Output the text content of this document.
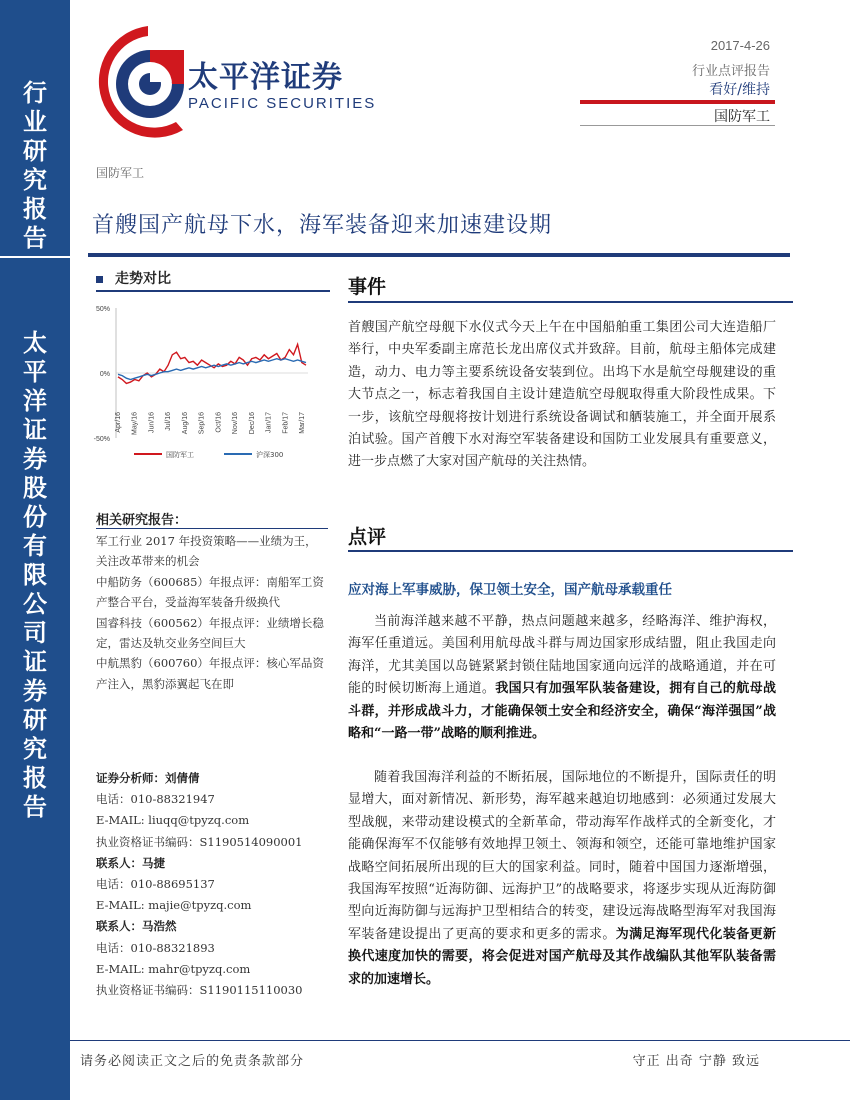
行
业
研
究
报
告
太
平
洋
证
券
股
份
有
限
公
司
证
券
研
究
报
告
太平洋证券
PACIFIC SECURITIES
2017-4-26
行业点评报告
看好/维持
国防军工
国防军工
首艘国产航母下水，海军装备迎来加速建设期
走势对比
50%
0%
-50%
Apr/16 May/16 Jun/16 Jul/16 Aug/16 Sep/16 Oct/16 Nov/16 Dec/16 Jan/17 Feb/17 Mar/17
国防军工	沪深300
相关研究报告：
军工行业 2017 年投资策略——业绩为王，关注改革带来的机会
中船防务（600685）年报点评：南船军工资产整合平台，受益海军装备升级换代
国睿科技（600562）年报点评：业绩增长稳定，雷达及轨交业务空间巨大
中航黑豹（600760）年报点评：核心军品资产注入，黑豹添翼起飞在即
证券分析师：刘倩倩
电话：010-88321947
E-MAIL: liuqq@tpyzq.com
执业资格证书编码：S1190514090001
联系人：马捷
电话：010-88695137
E-MAIL: majie@tpyzq.com
联系人：马浩然
电话：010-88321893
E-MAIL: mahr@tpyzq.com
执业资格证书编码：S1190115110030
事件
首艘国产航空母舰下水仪式今天上午在中国船舶重工集团公司大连造船厂举行，中央军委副主席范长龙出席仪式并致辞。目前，航母主船体完成建造，动力、电力等主要系统设备安装到位。出坞下水是航空母舰建设的重大节点之一，标志着我国自主设计建造航空母舰取得重大阶段性成果。下一步，该航空母舰将按计划进行系统设备调试和舾装施工，并全面开展系泊试验。国产首艘下水对海空军装备建设和国防工业发展具有重要意义，进一步点燃了大家对国产航母的关注热情。
点评
应对海上军事威胁，保卫领土安全，国产航母承载重任
当前海洋越来越不平静，热点问题越来越多，经略海洋、维护海权，海军任重道远。美国利用航母战斗群与周边国家形成结盟，阻止我国走向海洋，尤其美国以岛链紧紧封锁住陆地国家通向远洋的战略通道，并在可能的时候切断海上通道。我国只有加强军队装备建设，拥有自己的航母战斗群，并形成战斗力，才能确保领土安全和经济安全，确保“海洋强国”战略和“一路一带”战略的顺利推进。
随着我国海洋利益的不断拓展，国际地位的不断提升，国际责任的明显增大，面对新情况、新形势，海军越来越迫切地感到：必须通过发展大型战舰，来带动建设模式的全新革命，带动海军作战样式的全新变化，才能确保海军不仅能够有效地捍卫领土、领海和领空，还能可靠地维护国家战略空间拓展所出现的巨大的国家利益。同时，随着中国国力逐渐增强，我国海军按照“近海防御、远海护卫”的战略要求，将逐步实现从近海防御型向近海防御与远海护卫型相结合的转变，建设远海战略型海军对我国海军装备建设提出了更高的要求和更多的需求。为满足海军现代化装备更新换代速度加快的需要，将会促进对国产航母及其作战编队其他军队装备需求的加速增长。
请务必阅读正文之后的免责条款部分	守正 出奇 宁静 致远
